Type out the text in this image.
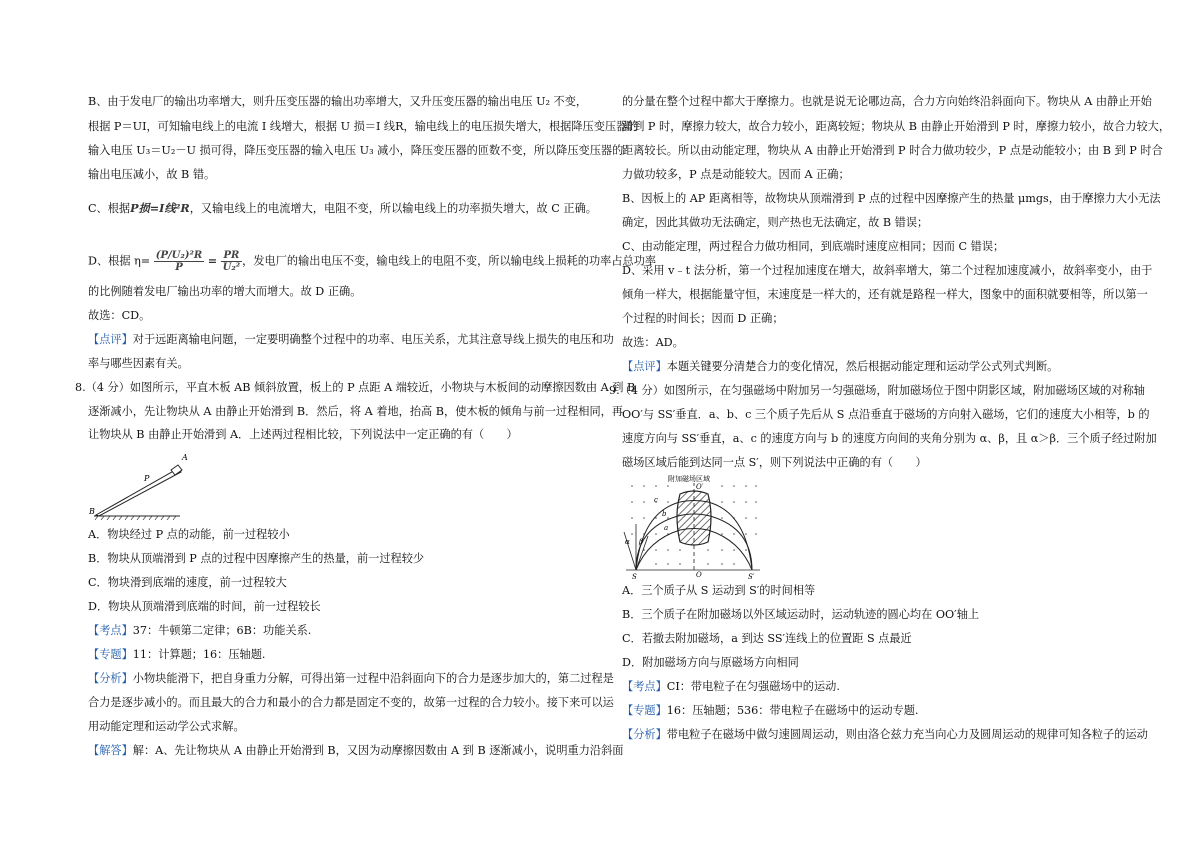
B、由于发电厂的输出功率增大，则升压变压器的输出功率增大，又升压变压器的输出电压 U₂ 不变，
根据 P＝UI，可知输电线上的电流 I 线增大，根据 U 损＝I 线R，输电线上的电压损失增大，根据降压变压器的
输入电压 U₃＝U₂－U 损可得，降压变压器的输入电压 U₃ 减小，降压变压器的匝数不变，所以降压变压器的
输出电压减小，故 B 错。
C、根据P损=I线²R，又输电线上的电流增大，电阻不变，所以输电线上的功率损失增大，故 C 正确。
D、根据 $\eta= \frac{\text{(P/U₂)²R}}{P} = \frac{PR}{\text{U₂²}}$ ，发电厂的输出电压不变，输电线上的电阻不变，所以输电线上损耗的功率占总功率
的比例随着发电厂输出功率的增大而增大。故 D 正确。
故选：CD。
【点评】对于远距离输电问题，一定要明确整个过程中的功率、电压关系，尤其注意导线上损失的电压和功
率与哪些因素有关。
8.（4 分）如图所示，平直木板 AB 倾斜放置，板上的 P 点距 A 端较近，小物块与木板间的动摩擦因数由 A 到 B
逐渐减小，先让物块从 A 由静止开始滑到 B．然后，将 A 着地，抬高 B，使木板的倾角与前一过程相同，再
让物块从 B 由静止开始滑到 A．上述两过程相比较，下列说法中一定正确的有（　　）
A
P
B
A．物块经过 P 点的动能，前一过程较小
B．物块从顶端滑到 P 点的过程中因摩擦产生的热量，前一过程较少
C．物块滑到底端的速度，前一过程较大
D．物块从顶端滑到底端的时间，前一过程较长
【考点】37：牛顿第二定律；6B：功能关系.
【专题】11：计算题；16：压轴题.
【分析】小物块能滑下，把自身重力分解，可得出第一过程中沿斜面向下的合力是逐步加大的，第二过程是
合力是逐步减小的。而且最大的合力和最小的合力都是固定不变的，故第一过程的合力较小。接下来可以运
用动能定理和运动学公式求解。
【解答】解：A、先让物块从 A 由静止开始滑到 B，又因为动摩擦因数由 A 到 B 逐渐减小，说明重力沿斜面
的分量在整个过程中都大于摩擦力。也就是说无论哪边高，合力方向始终沿斜面向下。物块从 A 由静止开始
滑到 P 时，摩擦力较大，故合力较小，距离较短；物块从 B 由静止开始滑到 P 时，摩擦力较小，故合力较大，
距离较长。所以由动能定理，物块从 A 由静止开始滑到 P 时合力做功较少，P 点是动能较小；由 B 到 P 时合
力做功较多，P 点是动能较大。因而 A 正确；
B、因板上的 AP 距离相等，故物块从顶端滑到 P 点的过程中因摩擦产生的热量 μmgs，由于摩擦力大小无法
确定，因此其做功无法确定，则产热也无法确定，故 B 错误；
C、由动能定理，两过程合力做功相同，到底端时速度应相同；因而 C 错误；
D、采用 v﹣t 法分析，第一个过程加速度在增大，故斜率增大，第二个过程加速度减小，故斜率变小，由于
倾角一样大，根据能量守恒，末速度是一样大的，还有就是路程一样大，图象中的面积就要相等，所以第一
个过程的时间长；因而 D 正确；
故选：AD。
【点评】本题关键要分清楚合力的变化情况，然后根据动能定理和运动学公式列式判断。
9.（4 分）如图所示，在匀强磁场中附加另一匀强磁场，附加磁场位于图中阴影区域，附加磁场区域的对称轴
OO′与 SS′垂直．a、b、c 三个质子先后从 S 点沿垂直于磁场的方向射入磁场，它们的速度大小相等，b 的
速度方向与 SS′垂直，a、c 的速度方向与 b 的速度方向间的夹角分别为 α、β，且 α＞β．三个质子经过附加
磁场区域后能到达同一点 S′，则下列说法中正确的有（　　）
附加磁场区域
O′
O
S	S′
a
b
c
α β
A．三个质子从 S 运动到 S′的时间相等
B．三个质子在附加磁场以外区域运动时，运动轨迹的圆心均在 OO′轴上
C．若撤去附加磁场，a 到达 SS′连线上的位置距 S 点最近
D．附加磁场方向与原磁场方向相同
【考点】CI：带电粒子在匀强磁场中的运动.
【专题】16：压轴题；536：带电粒子在磁场中的运动专题.
【分析】带电粒子在磁场中做匀速圆周运动，则由洛仑兹力充当向心力及圆周运动的规律可知各粒子的运动
